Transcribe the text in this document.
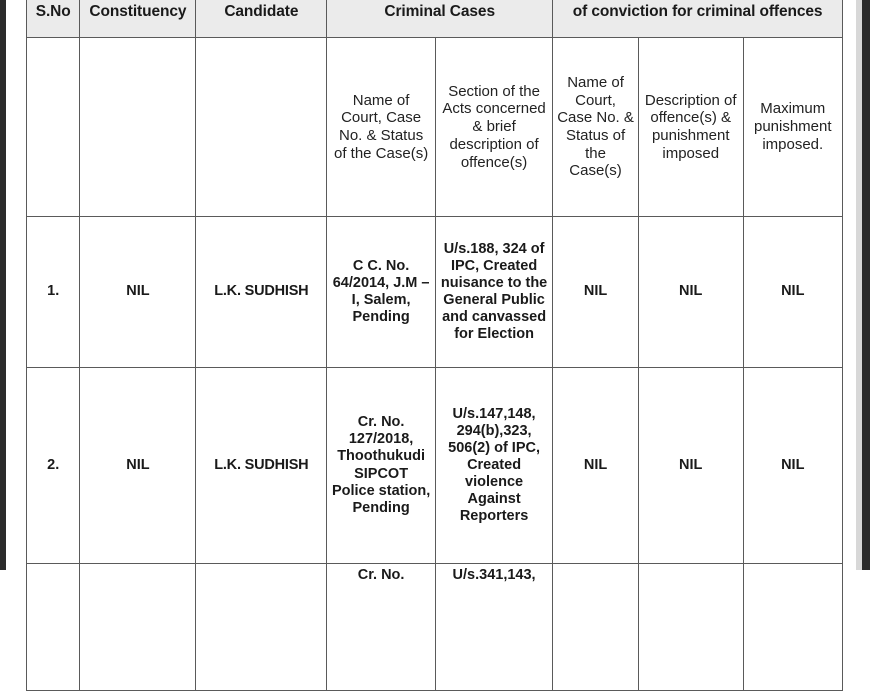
S.No	Constituency	Candidate	Criminal Cases		of conviction for criminal offences		
			Name of Court, Case No. & Status of the Case(s)	Section of the Acts concerned & brief description of offence(s)	Name of Court, Case No. & Status of the Case(s)	Description of offence(s) & punishment imposed	Maximum punishment imposed.
1.	NIL	L.K. SUDHISH	C C. No. 64/2014, J.M – I, Salem, Pending	U/s.188, 324 of IPC, Created nuisance to the General Public and canvassed for Election	NIL	NIL	NIL
2.	NIL	L.K. SUDHISH	Cr. No. 127/2018, Thoothukudi SIPCOT Police station, Pending	U/s.147,148, 294(b),323, 506(2) of IPC, Created violence Against Reporters	NIL	NIL	NIL
			Cr. No.	U/s.341,143,			
